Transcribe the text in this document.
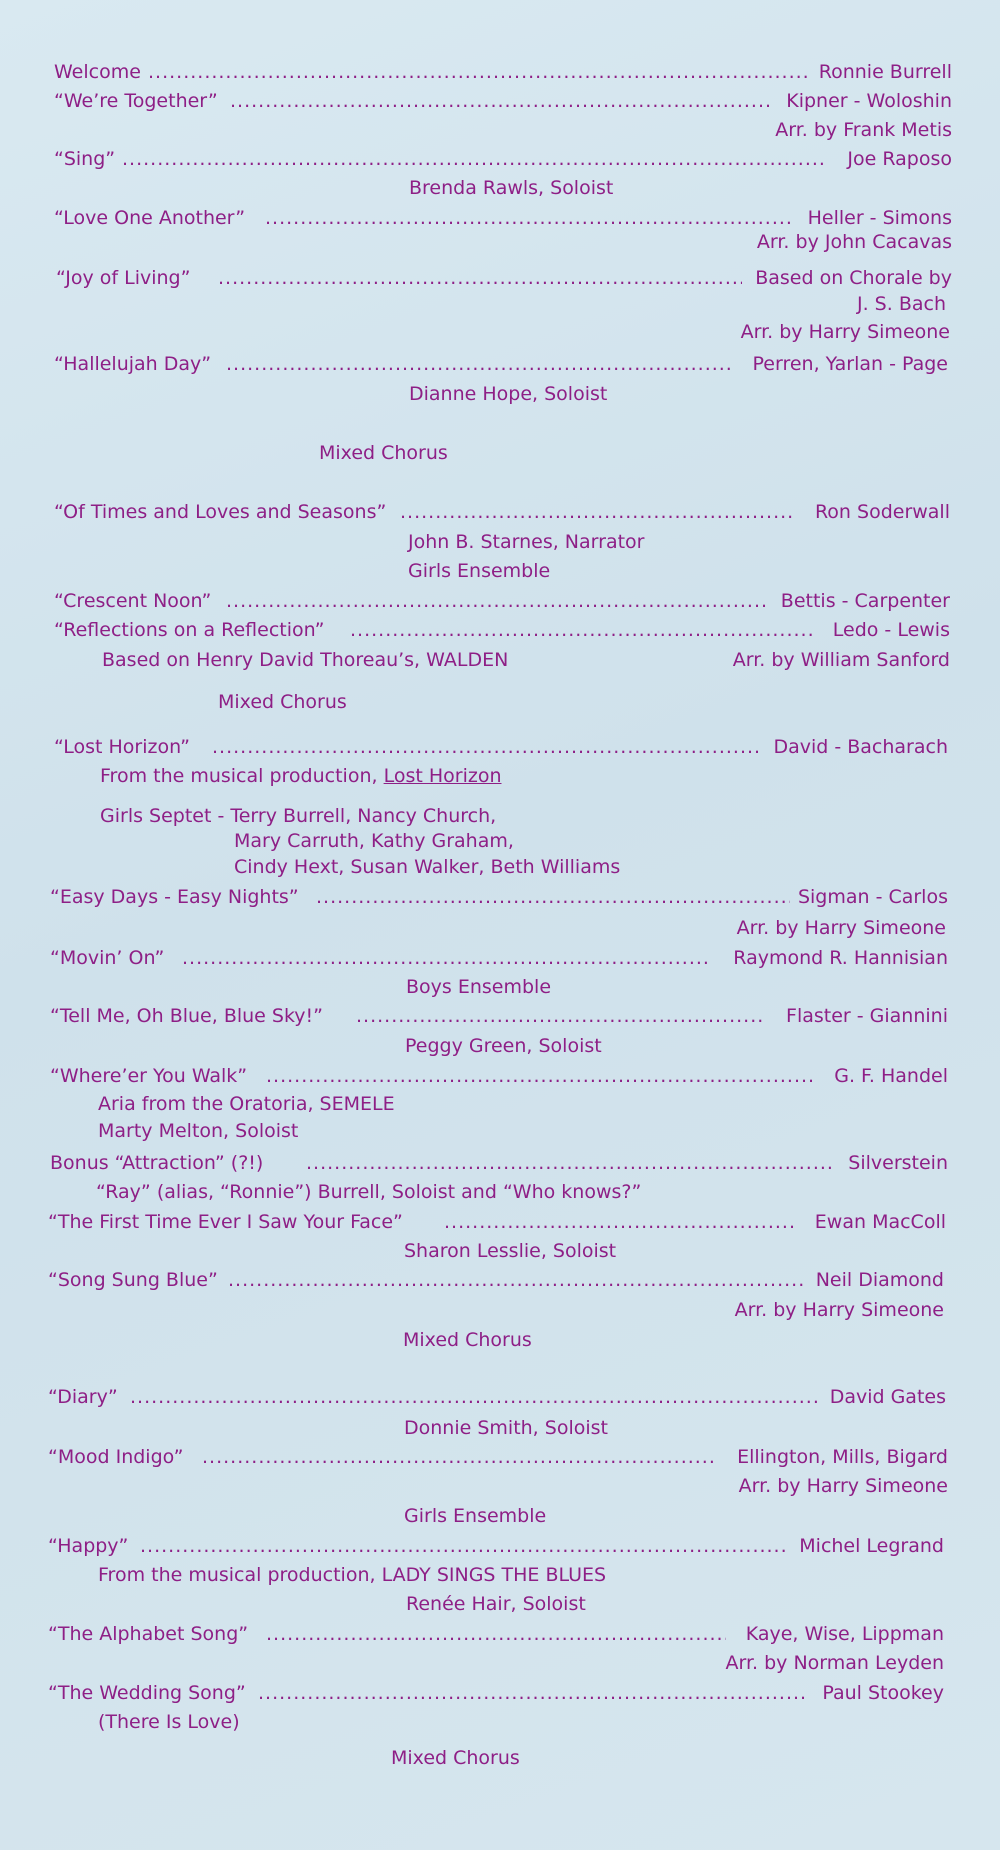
Welcome .....	Ronnie Burrell
“We’re Together” .....	Kipner - Woloshin
Arr. by Frank Metis
“Sing” .....	Joe Raposo
Brenda Rawls, Soloist
“Love One Another” .....	Heller - Simons
Arr. by John Cacavas
“Joy of Living” .....	Based on Chorale by
J. S. Bach
Arr. by Harry Simeone
“Hallelujah Day” .....	Perren, Yarlan - Page
Dianne Hope, Soloist
Mixed Chorus
“Of Times and Loves and Seasons” .....	Ron Soderwall
John B. Starnes, Narrator
Girls Ensemble
“Crescent Noon” .....	Bettis - Carpenter
“Reflections on a Reflection” .....	Ledo - Lewis
Based on Henry David Thoreau’s, WALDEN	Arr. by William Sanford
Mixed Chorus
“Lost Horizon” .....	David - Bacharach
From the musical production, Lost Horizon
Girls Septet - Terry Burrell, Nancy Church,
Mary Carruth, Kathy Graham,
Cindy Hext, Susan Walker, Beth Williams
“Easy Days - Easy Nights” .....	Sigman - Carlos
Arr. by Harry Simeone
“Movin’ On” .....	Raymond R. Hannisian
Boys Ensemble
“Tell Me, Oh Blue, Blue Sky!” .....	Flaster - Giannini
Peggy Green, Soloist
“Where’er You Walk” .....	G. F. Handel
Aria from the Oratoria, SEMELE
Marty Melton, Soloist
Bonus “Attraction” (?!) .....	Silverstein
“Ray” (alias, “Ronnie”) Burrell, Soloist and “Who knows?”
“The First Time Ever I Saw Your Face” .....	Ewan MacColl
Sharon Lesslie, Soloist
“Song Sung Blue” .....	Neil Diamond
Arr. by Harry Simeone
Mixed Chorus
“Diary” .....	David Gates
Donnie Smith, Soloist
“Mood Indigo” .....	Ellington, Mills, Bigard
Arr. by Harry Simeone
Girls Ensemble
“Happy” .....	Michel Legrand
From the musical production, LADY SINGS THE BLUES
Renée Hair, Soloist
“The Alphabet Song” .....	Kaye, Wise, Lippman
Arr. by Norman Leyden
“The Wedding Song” .....	Paul Stookey
(There Is Love)
Mixed Chorus
